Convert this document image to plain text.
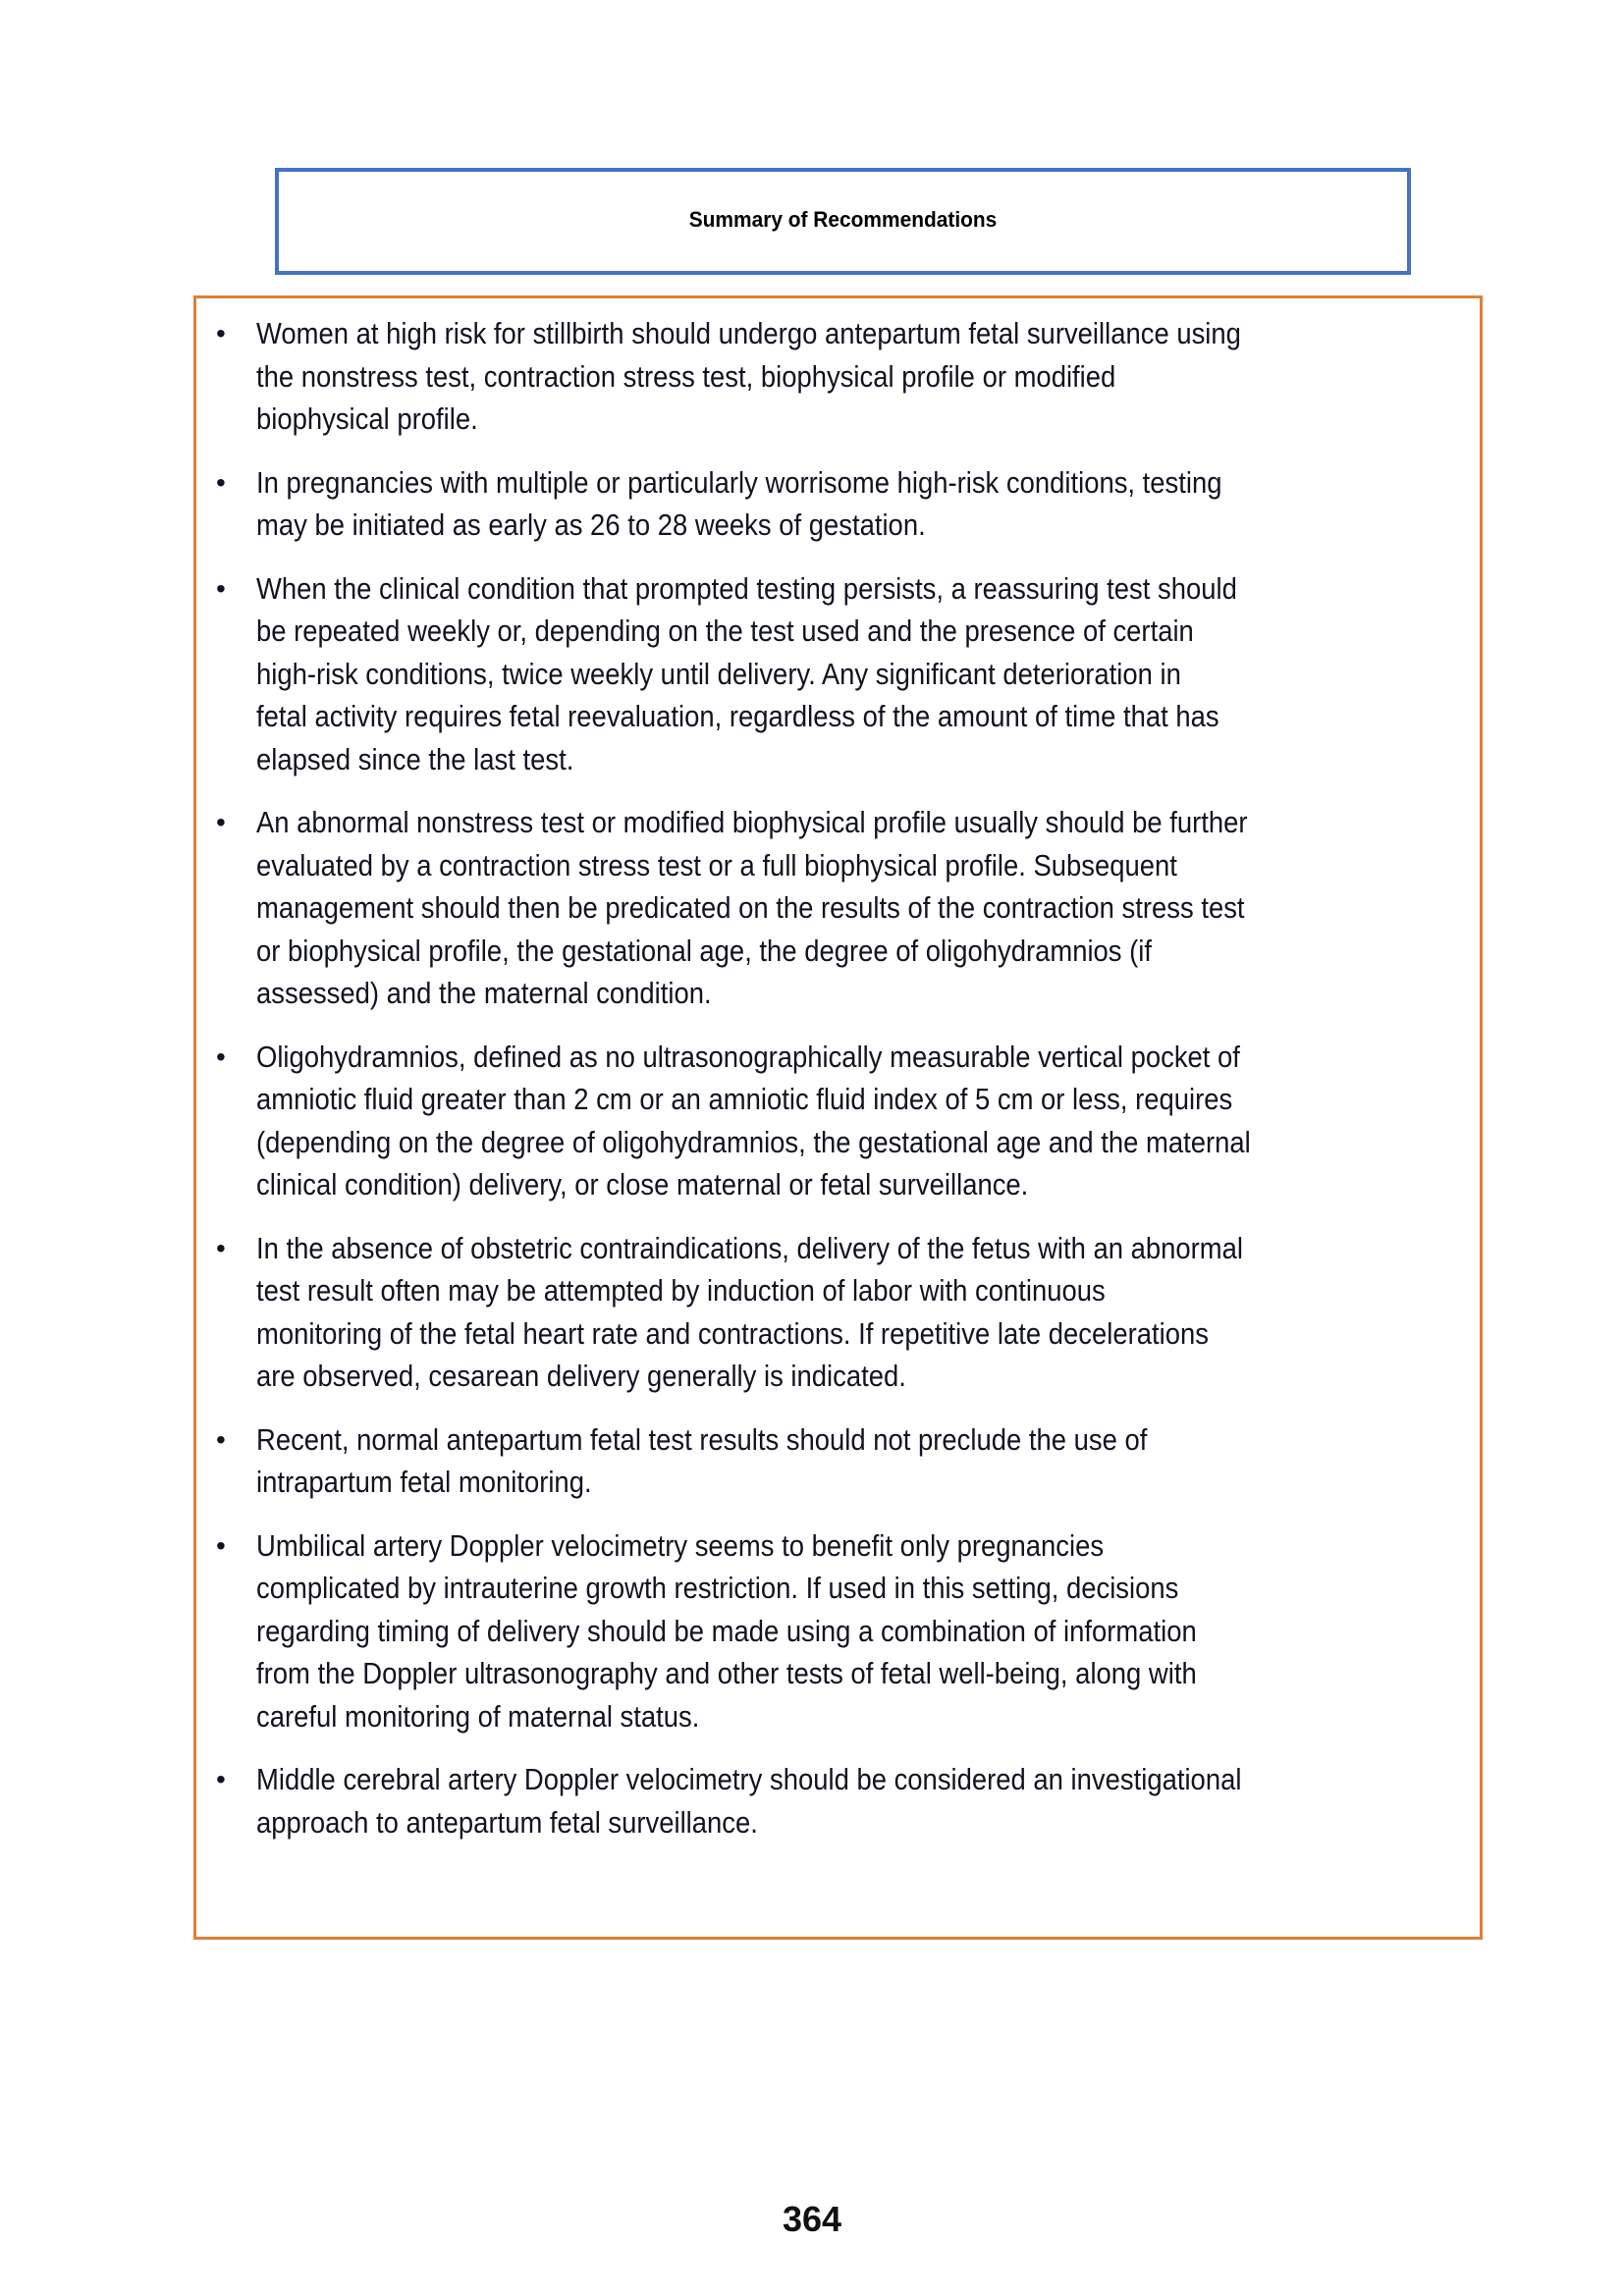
Summary of Recommendations
• Women at high risk for stillbirth should undergo antepartum fetal surveillance using
the nonstress test, contraction stress test, biophysical profile or modified
biophysical profile.
• In pregnancies with multiple or particularly worrisome high-risk conditions, testing
may be initiated as early as 26 to 28 weeks of gestation.
• When the clinical condition that prompted testing persists, a reassuring test should
be repeated weekly or, depending on the test used and the presence of certain
high-risk conditions, twice weekly until delivery. Any significant deterioration in
fetal activity requires fetal reevaluation, regardless of the amount of time that has
elapsed since the last test.
• An abnormal nonstress test or modified biophysical profile usually should be further
evaluated by a contraction stress test or a full biophysical profile. Subsequent
management should then be predicated on the results of the contraction stress test
or biophysical profile, the gestational age, the degree of oligohydramnios (if
assessed) and the maternal condition.
• Oligohydramnios, defined as no ultrasonographically measurable vertical pocket of
amniotic fluid greater than 2 cm or an amniotic fluid index of 5 cm or less, requires
(depending on the degree of oligohydramnios, the gestational age and the maternal
clinical condition) delivery, or close maternal or fetal surveillance.
• In the absence of obstetric contraindications, delivery of the fetus with an abnormal
test result often may be attempted by induction of labor with continuous
monitoring of the fetal heart rate and contractions. If repetitive late decelerations
are observed, cesarean delivery generally is indicated.
• Recent, normal antepartum fetal test results should not preclude the use of
intrapartum fetal monitoring.
• Umbilical artery Doppler velocimetry seems to benefit only pregnancies
complicated by intrauterine growth restriction. If used in this setting, decisions
regarding timing of delivery should be made using a combination of information
from the Doppler ultrasonography and other tests of fetal well-being, along with
careful monitoring of maternal status.
• Middle cerebral artery Doppler velocimetry should be considered an investigational
approach to antepartum fetal surveillance.
364
